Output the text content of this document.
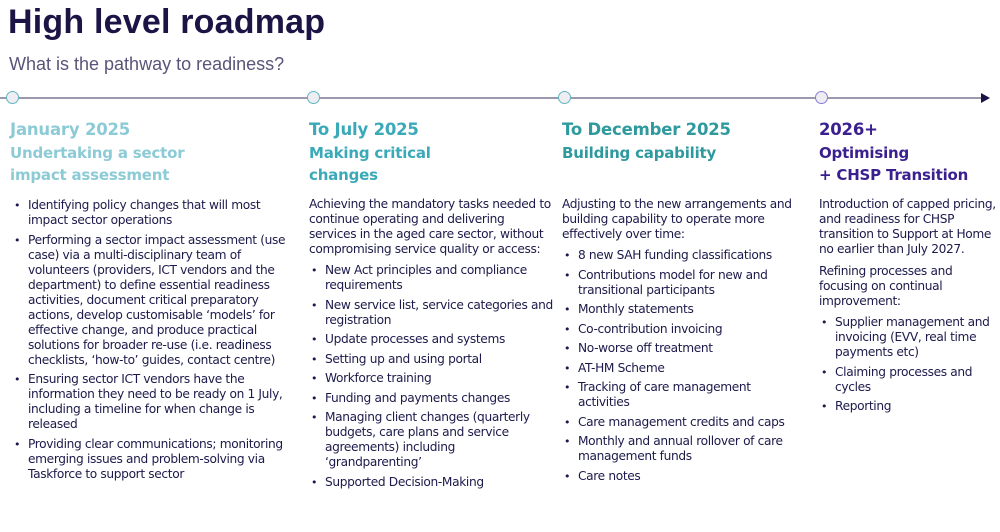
High level roadmap

What is the pathway to readiness?

January 2025

Undertaking a sector

impact assessment

• Identifying policy changes that will most impact sector operations
• Performing a sector impact assessment (use case) via a multi-disciplinary team of volunteers (providers, ICT vendors and the department) to define essential readiness activities, document critical preparatory actions, develop customisable ‘models’ for effective change, and produce practical solutions for broader re-use (i.e. readiness checklists, ‘how-to’ guides, contact centre)
• Ensuring sector ICT vendors have the information they need to be ready on 1 July, including a timeline for when change is released
• Providing clear communications; monitoring emerging issues and problem-solving via Taskforce to support sector

To July 2025

Making critical

changes

Achieving the mandatory tasks needed to continue operating and delivering services in the aged care sector, without compromising service quality or access:

• New Act principles and compliance requirements
• New service list, service categories and registration
• Update processes and systems
• Setting up and using portal
• Workforce training
• Funding and payments changes
• Managing client changes (quarterly budgets, care plans and service agreements) including ‘grandparenting’
• Supported Decision-Making

To December 2025

Building capability

Adjusting to the new arrangements and building capability to operate more effectively over time:

• 8 new SAH funding classifications
• Contributions model for new and transitional participants
• Monthly statements
• Co-contribution invoicing
• No-worse off treatment
• AT-HM Scheme
• Tracking of care management activities
• Care management credits and caps
• Monthly and annual rollover of care management funds
• Care notes

2026+

Optimising

+ CHSP Transition

Introduction of capped pricing, and readiness for CHSP transition to Support at Home no earlier than July 2027.

Refining processes and focusing on continual improvement:

• Supplier management and invoicing (EVV, real time payments etc)
• Claiming processes and cycles
• Reporting
